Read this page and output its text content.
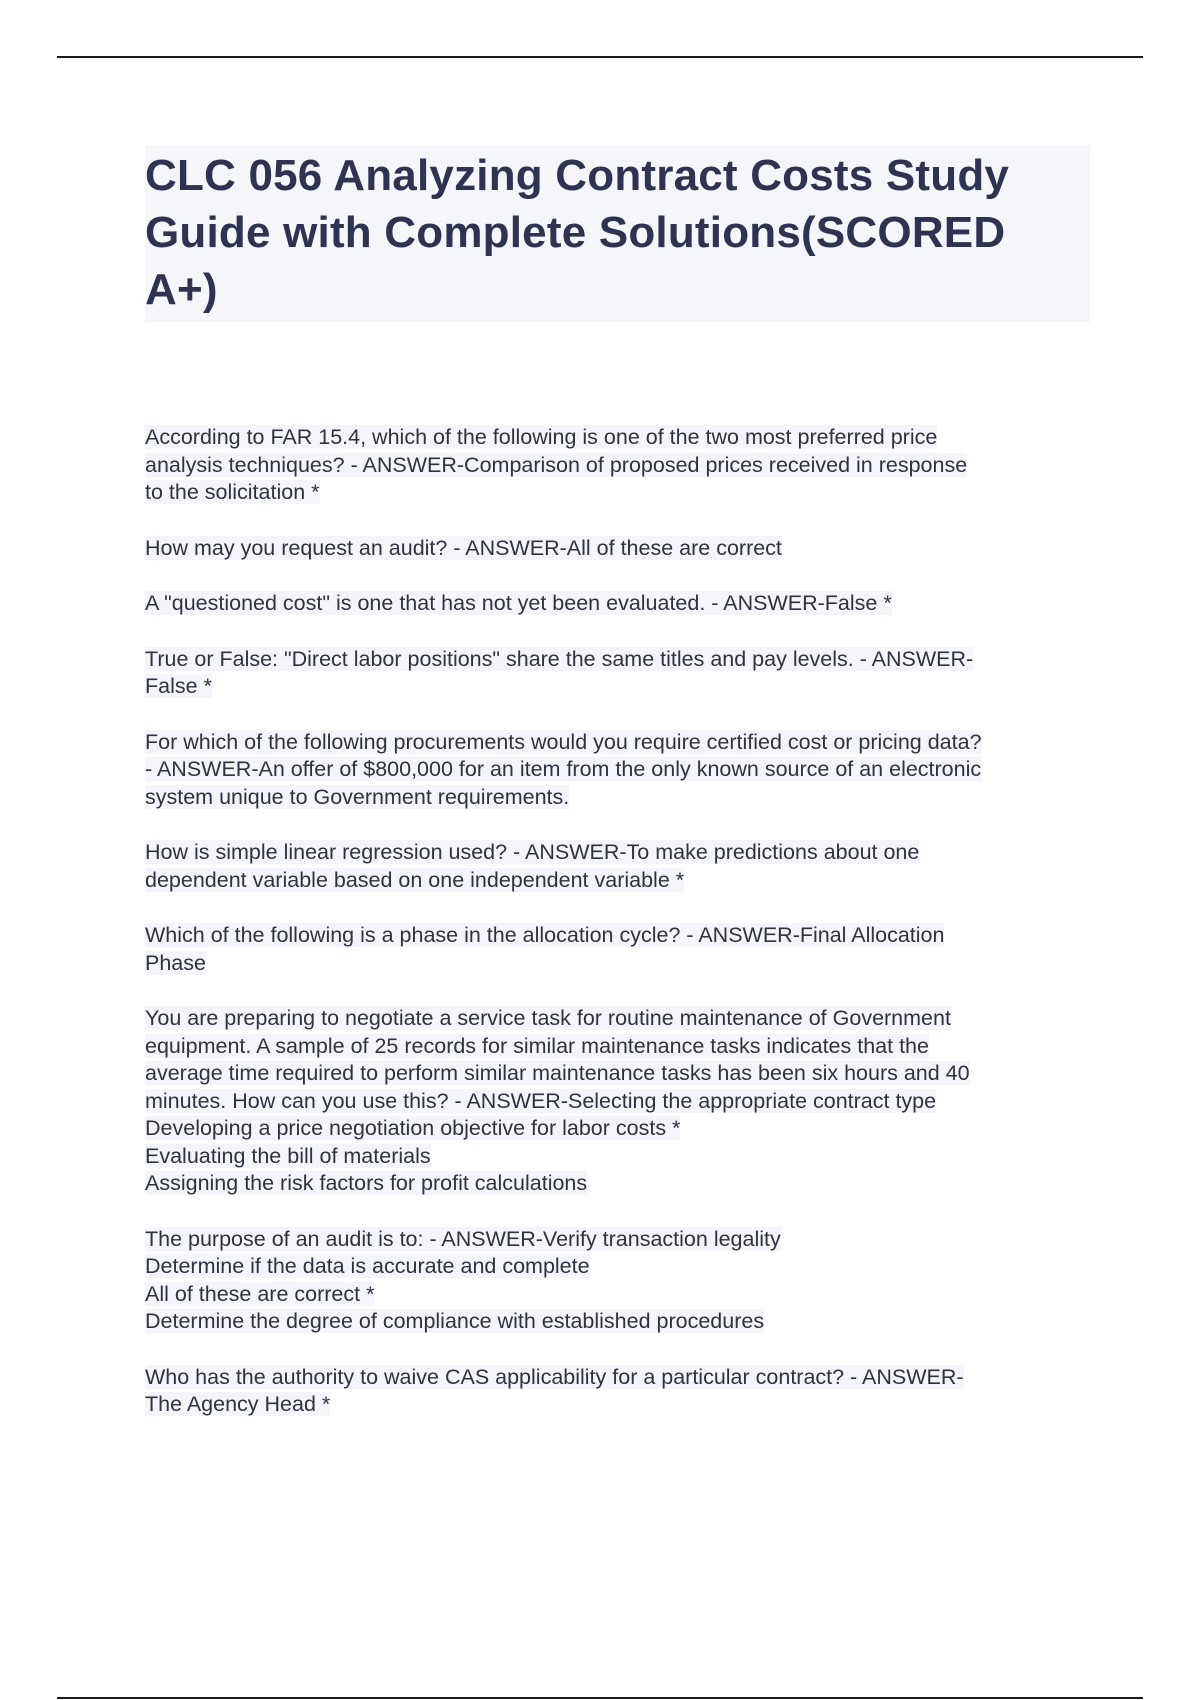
CLC 056 Analyzing Contract Costs Study
Guide with Complete Solutions(SCORED
A+)
According to FAR 15.4, which of the following is one of the two most preferred price
analysis techniques? - ANSWER-Comparison of proposed prices received in response
to the solicitation *
How may you request an audit? - ANSWER-All of these are correct
A "questioned cost" is one that has not yet been evaluated. - ANSWER-False *
True or False: "Direct labor positions" share the same titles and pay levels. - ANSWER-
False *
For which of the following procurements would you require certified cost or pricing data?
- ANSWER-An offer of $800,000 for an item from the only known source of an electronic
system unique to Government requirements.
How is simple linear regression used? - ANSWER-To make predictions about one
dependent variable based on one independent variable *
Which of the following is a phase in the allocation cycle? - ANSWER-Final Allocation
Phase
You are preparing to negotiate a service task for routine maintenance of Government
equipment. A sample of 25 records for similar maintenance tasks indicates that the
average time required to perform similar maintenance tasks has been six hours and 40
minutes. How can you use this? - ANSWER-Selecting the appropriate contract type
Developing a price negotiation objective for labor costs *
Evaluating the bill of materials
Assigning the risk factors for profit calculations
The purpose of an audit is to: - ANSWER-Verify transaction legality
Determine if the data is accurate and complete
All of these are correct *
Determine the degree of compliance with established procedures
Who has the authority to waive CAS applicability for a particular contract? - ANSWER-
The Agency Head *
